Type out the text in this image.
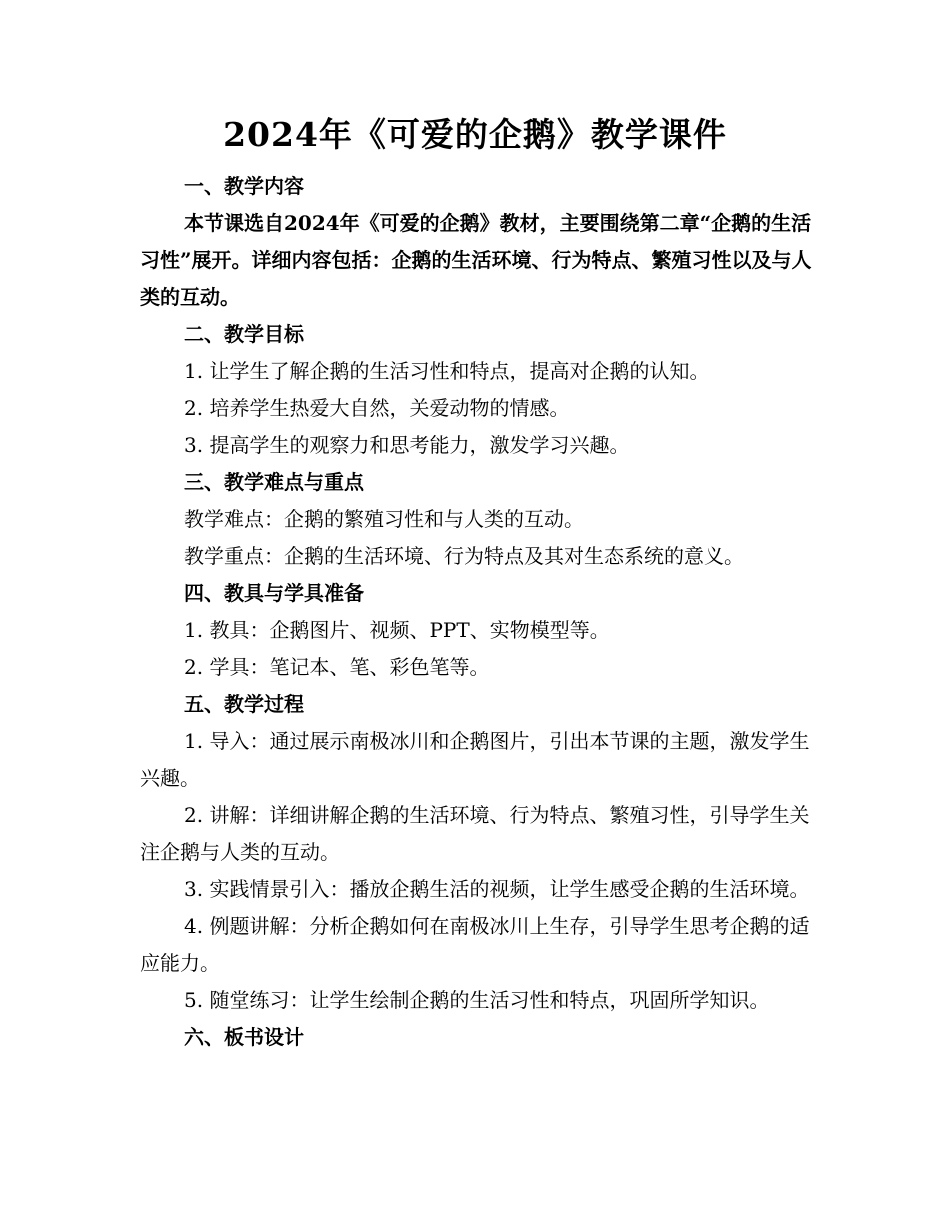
2024年《可爱的企鹅》教学课件

一、教学内容

本节课选自2024年《可爱的企鹅》教材，主要围绕第二章“企鹅的生活习性”展开。详细内容包括：企鹅的生活环境、行为特点、繁殖习性以及与人类的互动。

二、教学目标

1. 让学生了解企鹅的生活习性和特点，提高对企鹅的认知。

2. 培养学生热爱大自然，关爱动物的情感。

3. 提高学生的观察力和思考能力，激发学习兴趣。

三、教学难点与重点

教学难点：企鹅的繁殖习性和与人类的互动。

教学重点：企鹅的生活环境、行为特点及其对生态系统的意义。

四、教具与学具准备

1. 教具：企鹅图片、视频、PPT、实物模型等。

2. 学具：笔记本、笔、彩色笔等。

五、教学过程

1. 导入：通过展示南极冰川和企鹅图片，引出本节课的主题，激发学生兴趣。

2. 讲解：详细讲解企鹅的生活环境、行为特点、繁殖习性，引导学生关注企鹅与人类的互动。

3. 实践情景引入：播放企鹅生活的视频，让学生感受企鹅的生活环境。

4. 例题讲解：分析企鹅如何在南极冰川上生存，引导学生思考企鹅的适应能力。

5. 随堂练习：让学生绘制企鹅的生活习性和特点，巩固所学知识。

六、板书设计
